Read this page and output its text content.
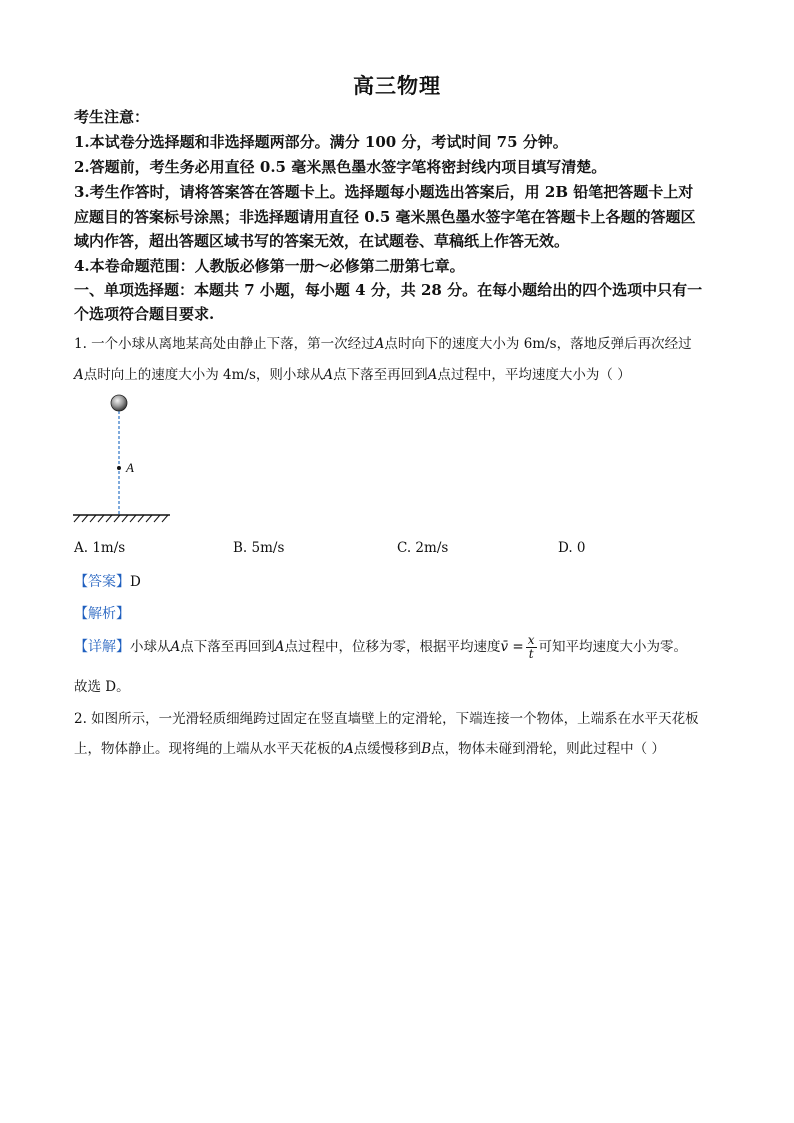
高三物理
考生注意：
1.本试卷分选择题和非选择题两部分。满分 100 分，考试时间 75 分钟。
2.答题前，考生务必用直径 0.5 毫米黑色墨水签字笔将密封线内项目填写清楚。
3.考生作答时，请将答案答在答题卡上。选择题每小题选出答案后，用 2B 铅笔把答题卡上对
应题目的答案标号涂黑；非选择题请用直径 0.5 毫米黑色墨水签字笔在答题卡上各题的答题区
域内作答，超出答题区域书写的答案无效，在试题卷、草稿纸上作答无效。
4.本卷命题范围：人教版必修第一册～必修第二册第七章。
一、单项选择题：本题共 7 小题，每小题 4 分，共 28 分。在每小题给出的四个选项中只有一
个选项符合题目要求.
1. 一个小球从离地某高处由静止下落，第一次经过A点时向下的速度大小为 6m/s，落地反弹后再次经过
A点时向上的速度大小为 4m/s，则小球从A点下落至再回到A点过程中，平均速度大小为（ ）
A
A. 1m/s	B. 5m/s	C. 2m/s	D. 0
【答案】D
【解析】
【详解】小球从A点下落至再回到A点过程中，位移为零，根据平均速度v̄ = $\frac{x}{t}$ 可知平均速度大小为零。
故选 D。
2. 如图所示，一光滑轻质细绳跨过固定在竖直墙壁上的定滑轮，下端连接一个物体，上端系在水平天花板
上，物体静止。现将绳的上端从水平天花板的A点缓慢移到B点，物体未碰到滑轮，则此过程中（ ）
